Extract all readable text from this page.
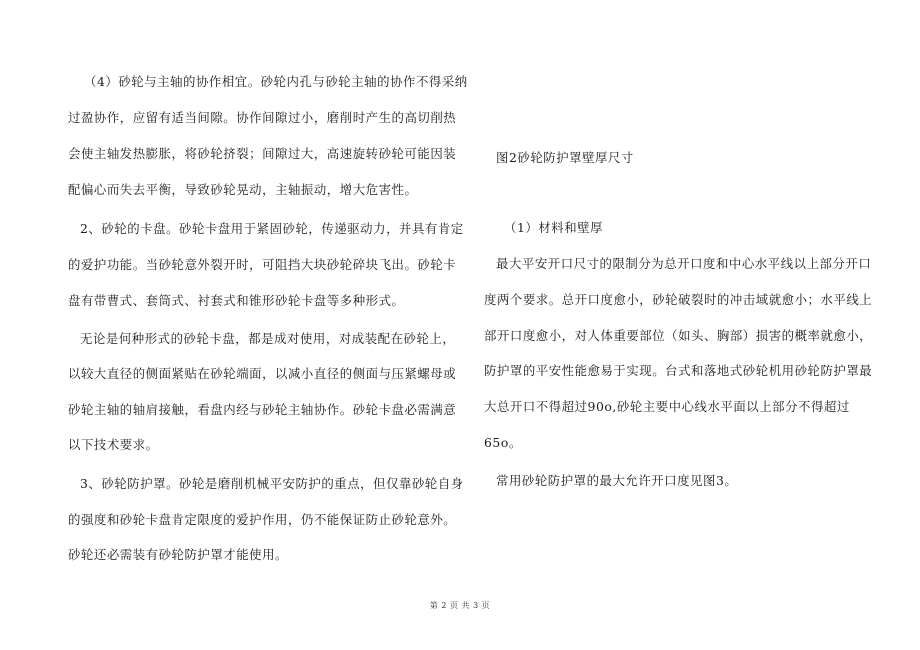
（4）砂轮与主轴的协作相宜。砂轮内孔与砂轮主轴的协作不得采纳
过盈协作，应留有适当间隙。协作间隙过小，磨削时产生的高切削热
会使主轴发热膨胀，将砂轮挤裂；间隙过大，高速旋转砂轮可能因装
配偏心而失去平衡，导致砂轮晃动，主轴振动，增大危害性。
2、砂轮的卡盘。砂轮卡盘用于紧固砂轮，传递驱动力，并具有肯定
的爱护功能。当砂轮意外裂开时，可阻挡大块砂轮碎块飞出。砂轮卡
盘有带曹式、套筒式、衬套式和锥形砂轮卡盘等多种形式。
无论是何种形式的砂轮卡盘，都是成对使用，对成装配在砂轮上，
以较大直径的侧面紧贴在砂轮端面，以减小直径的侧面与压紧螺母或
砂轮主轴的轴肩接触，看盘内经与砂轮主轴协作。砂轮卡盘必需满意
以下技术要求。
3、砂轮防护罩。砂轮是磨削机械平安防护的重点，但仅靠砂轮自身
的强度和砂轮卡盘肯定限度的爱护作用，仍不能保证防止砂轮意外。
砂轮还必需装有砂轮防护罩才能使用。
图2砂轮防护罩壁厚尺寸
（1）材料和壁厚
最大平安开口尺寸的限制分为总开口度和中心水平线以上部分开口
度两个要求。总开口度愈小，砂轮破裂时的冲击域就愈小；水平线上
部开口度愈小，对人体重要部位（如头、胸部）损害的概率就愈小，
防护罩的平安性能愈易于实现。台式和落地式砂轮机用砂轮防护罩最
大总开口不得超过90o,砂轮主要中心线水平面以上部分不得超过
65o。
常用砂轮防护罩的最大允许开口度见图3。
第 2 页 共 3 页
